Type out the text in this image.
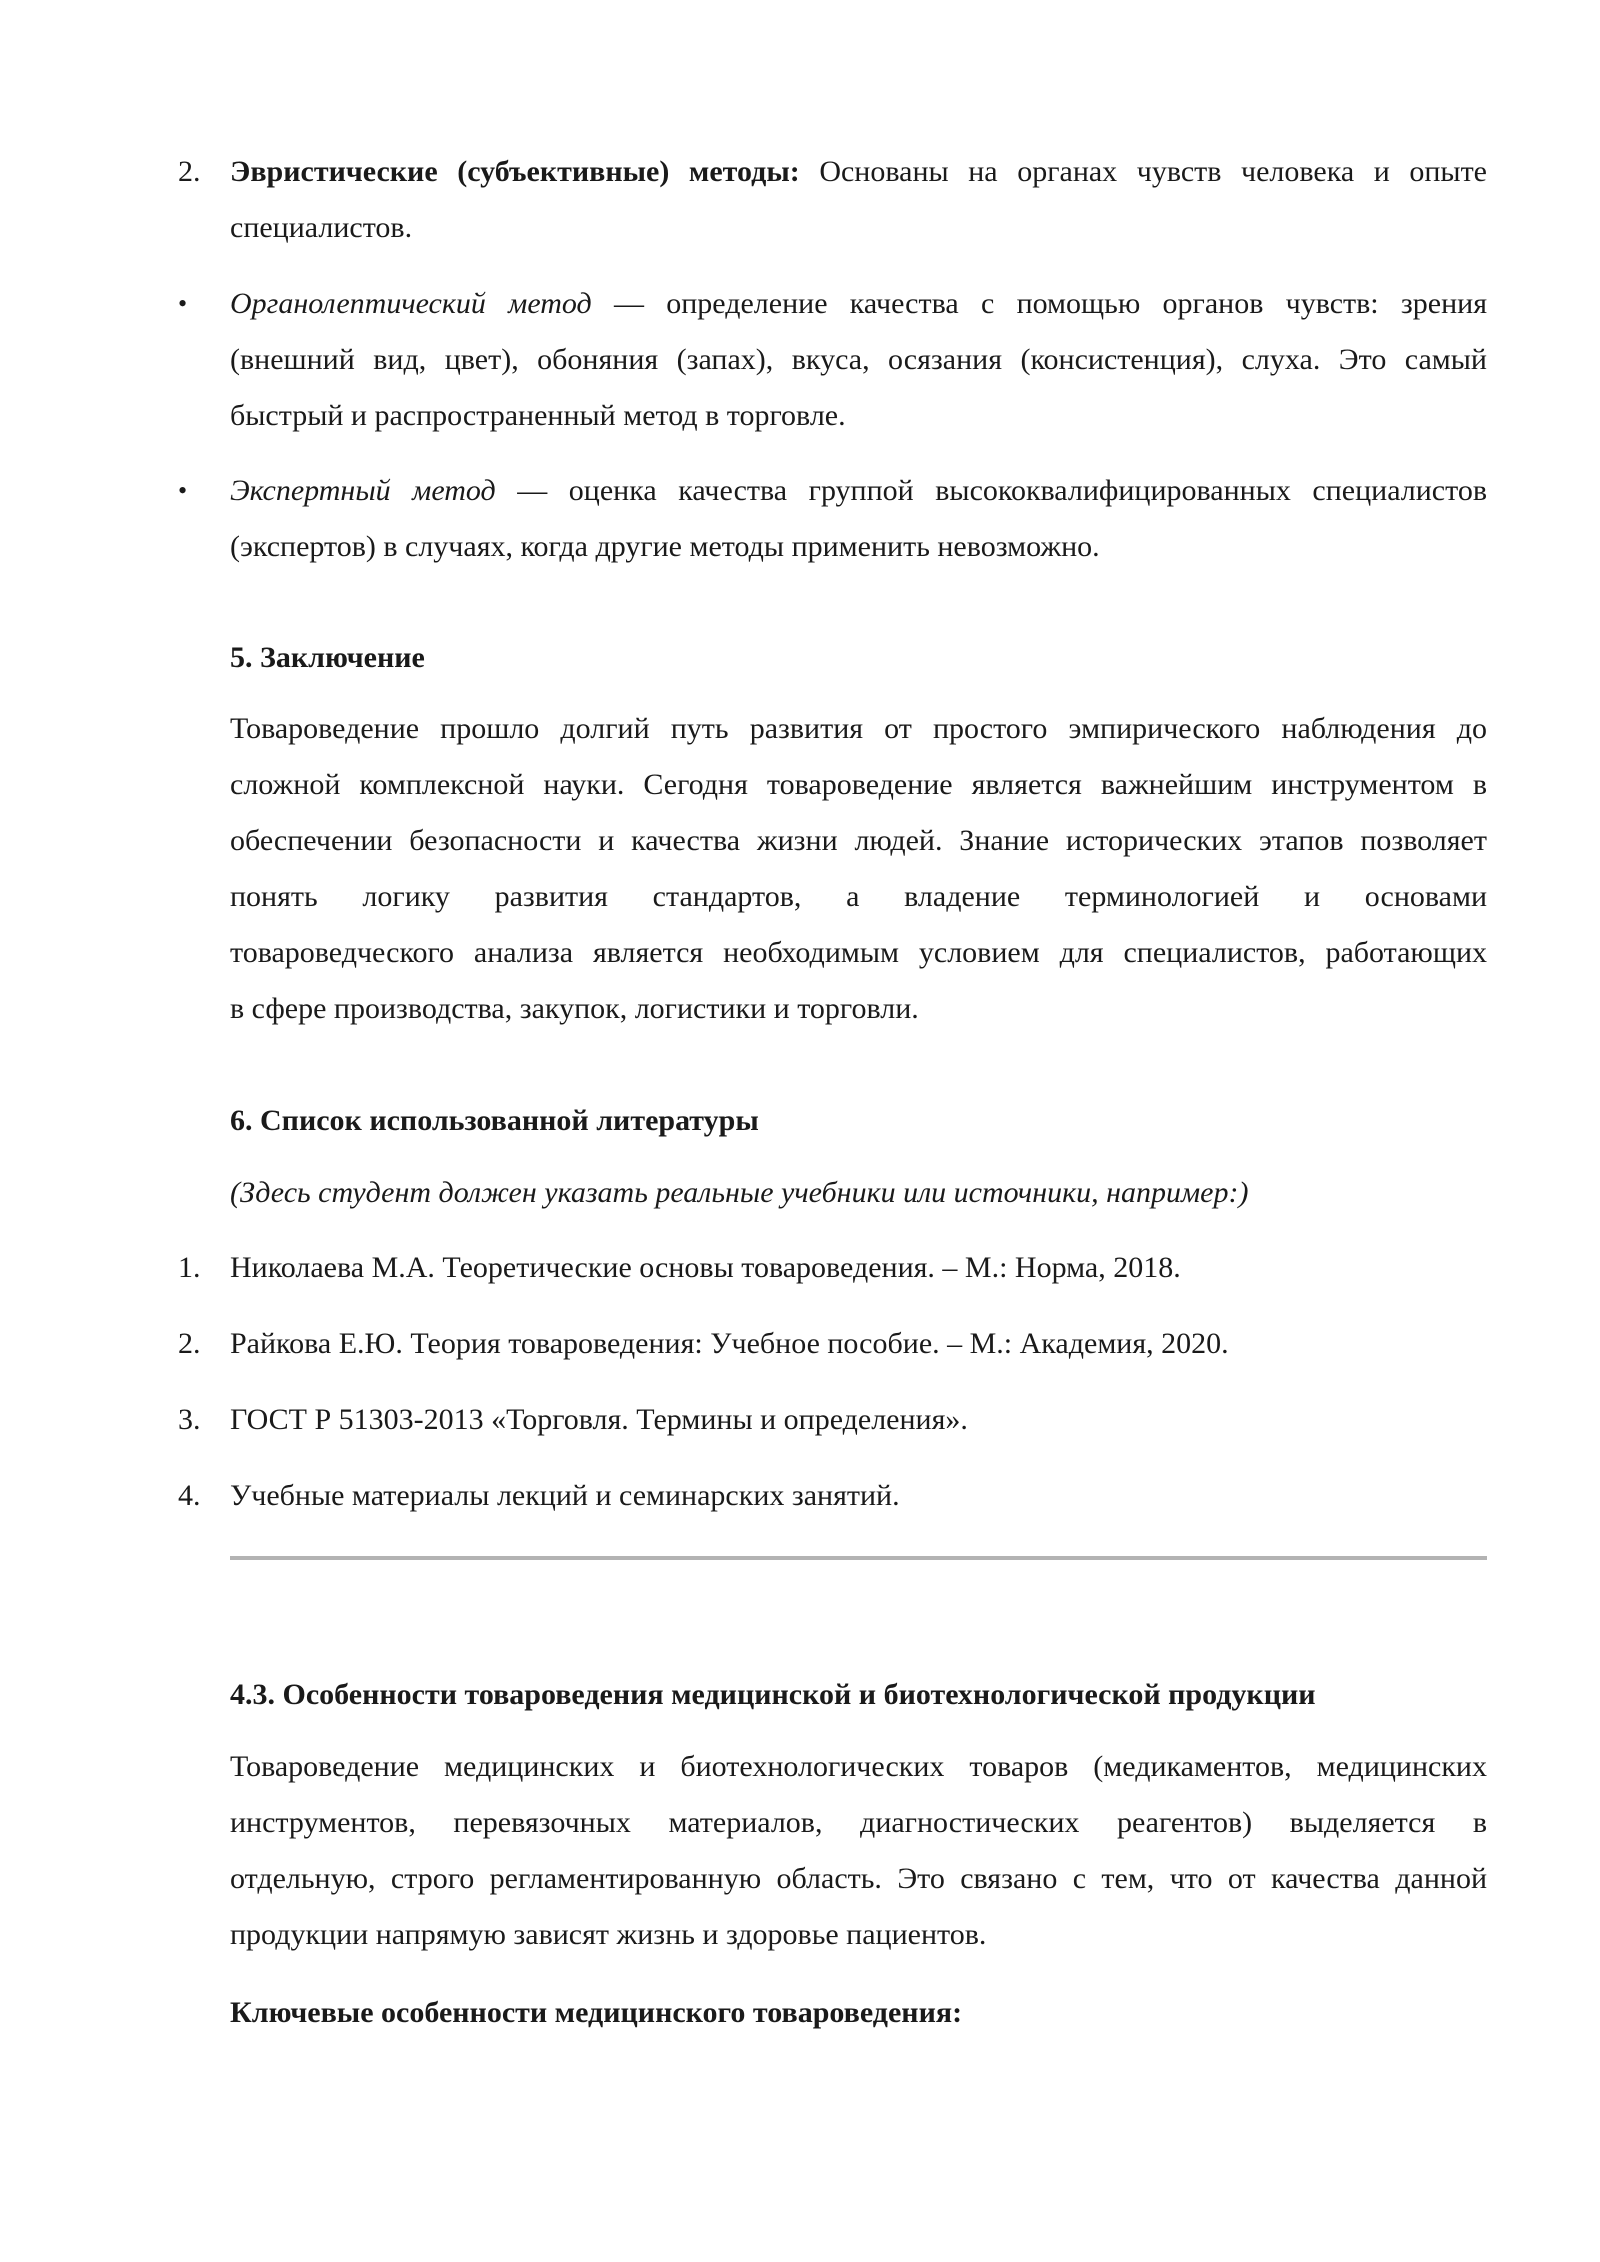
2. Эвристические (субъективные) методы: Основаны на органах чувств человека и опыте
специалистов.
• Органолептический метод — определение качества с помощью органов чувств: зрения
(внешний вид, цвет), обоняния (запах), вкуса, осязания (консистенция), слуха. Это самый
быстрый и распространенный метод в торговле.
• Экспертный метод — оценка качества группой высококвалифицированных специалистов
(экспертов) в случаях, когда другие методы применить невозможно.
5. Заключение
Товароведение прошло долгий путь развития от простого эмпирического наблюдения до
сложной комплексной науки. Сегодня товароведение является важнейшим инструментом в
обеспечении безопасности и качества жизни людей. Знание исторических этапов позволяет
понять логику развития стандартов, а владение терминологией и основами
товароведческого анализа является необходимым условием для специалистов, работающих
в сфере производства, закупок, логистики и торговли.
6. Список использованной литературы
(Здесь студент должен указать реальные учебники или источники, например:)
1. Николаева М.А. Теоретические основы товароведения. – М.: Норма, 2018.
2. Райкова Е.Ю. Теория товароведения: Учебное пособие. – М.: Академия, 2020.
3. ГОСТ Р 51303-2013 «Торговля. Термины и определения».
4. Учебные материалы лекций и семинарских занятий.
4.3. Особенности товароведения медицинской и биотехнологической продукции
Товароведение медицинских и биотехнологических товаров (медикаментов, медицинских
инструментов, перевязочных материалов, диагностических реагентов) выделяется в
отдельную, строго регламентированную область. Это связано с тем, что от качества данной
продукции напрямую зависят жизнь и здоровье пациентов.
Ключевые особенности медицинского товароведения:
